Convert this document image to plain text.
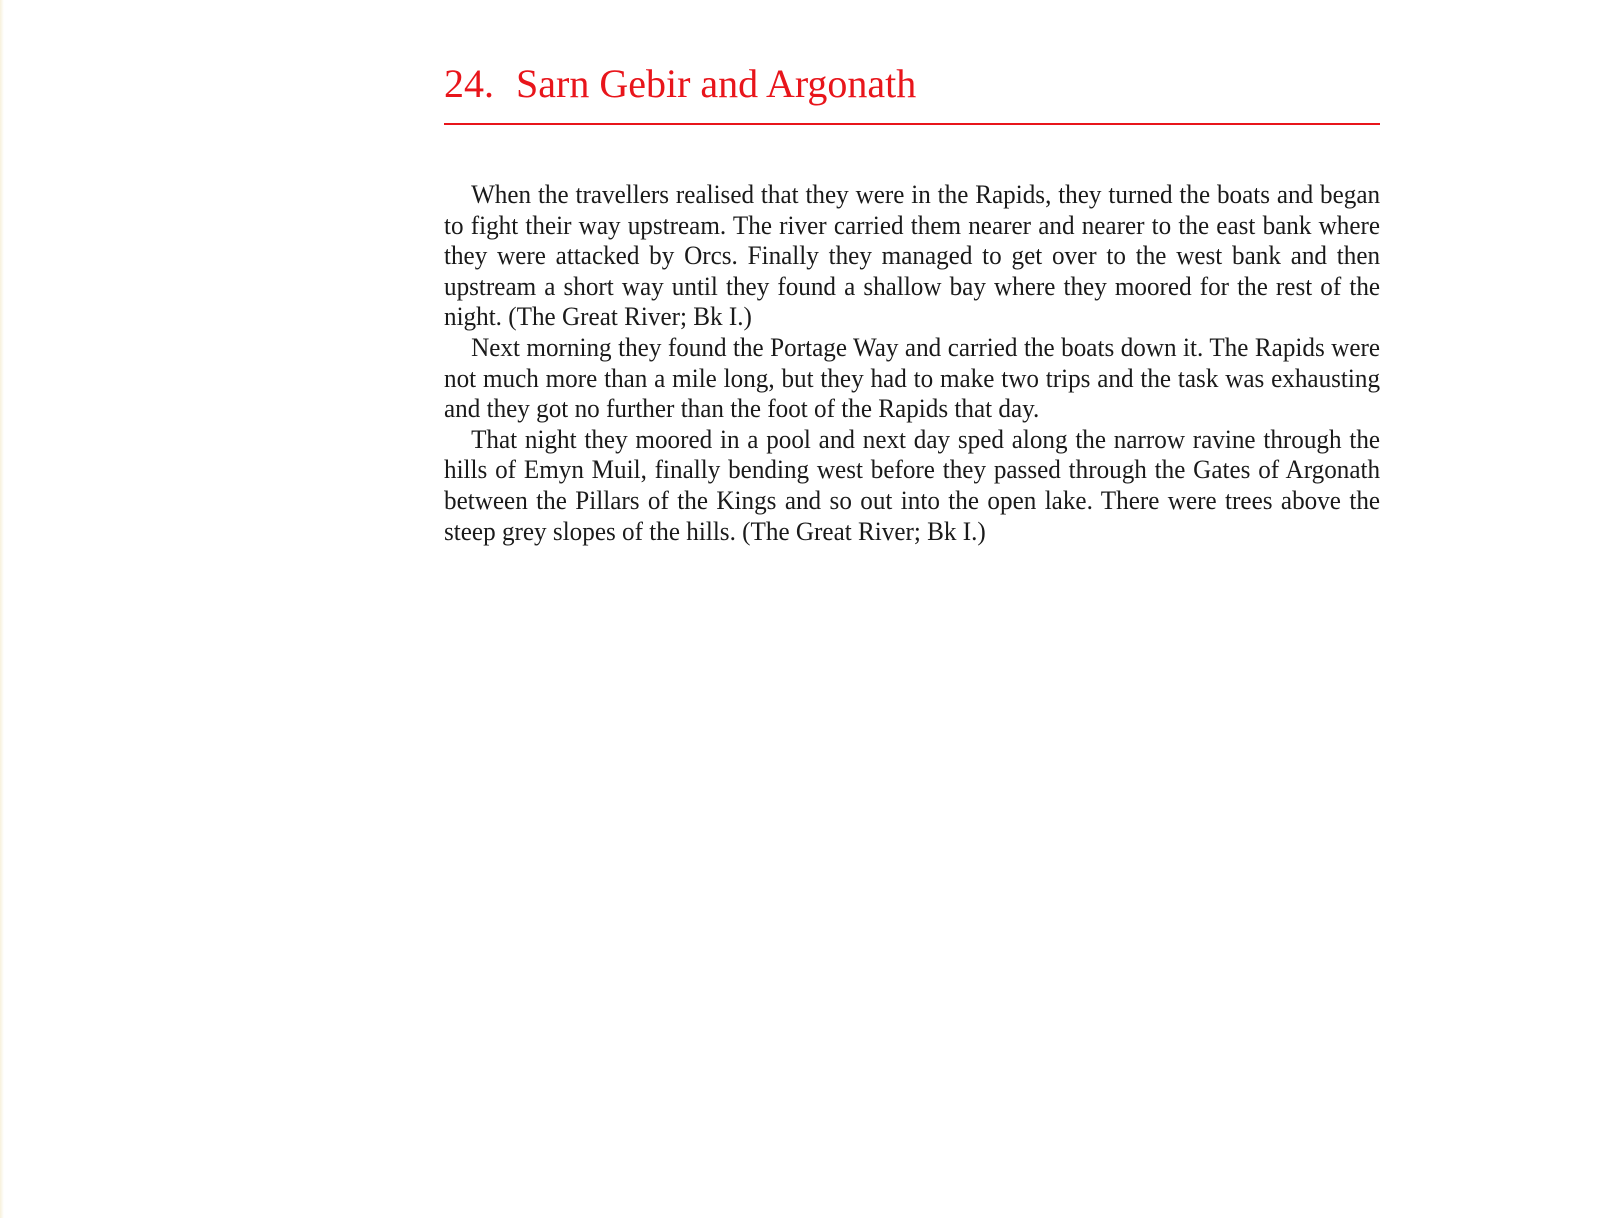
24. Sarn Gebir and Argonath

When the travellers realised that they were in the Rapids, they turned the boats and began to fight their way upstream. The river carried them nearer and nearer to the east bank where they were attacked by Orcs. Finally they managed to get over to the west bank and then upstream a short way until they found a shallow bay where they moored for the rest of the night. (The Great River; Bk I.)

Next morning they found the Portage Way and carried the boats down it. The Rapids were not much more than a mile long, but they had to make two trips and the task was exhausting and they got no further than the foot of the Rapids that day.

That night they moored in a pool and next day sped along the narrow ravine through the hills of Emyn Muil, finally bending west before they passed through the Gates of Argonath between the Pillars of the Kings and so out into the open lake. There were trees above the steep grey slopes of the hills. (The Great River; Bk I.)
